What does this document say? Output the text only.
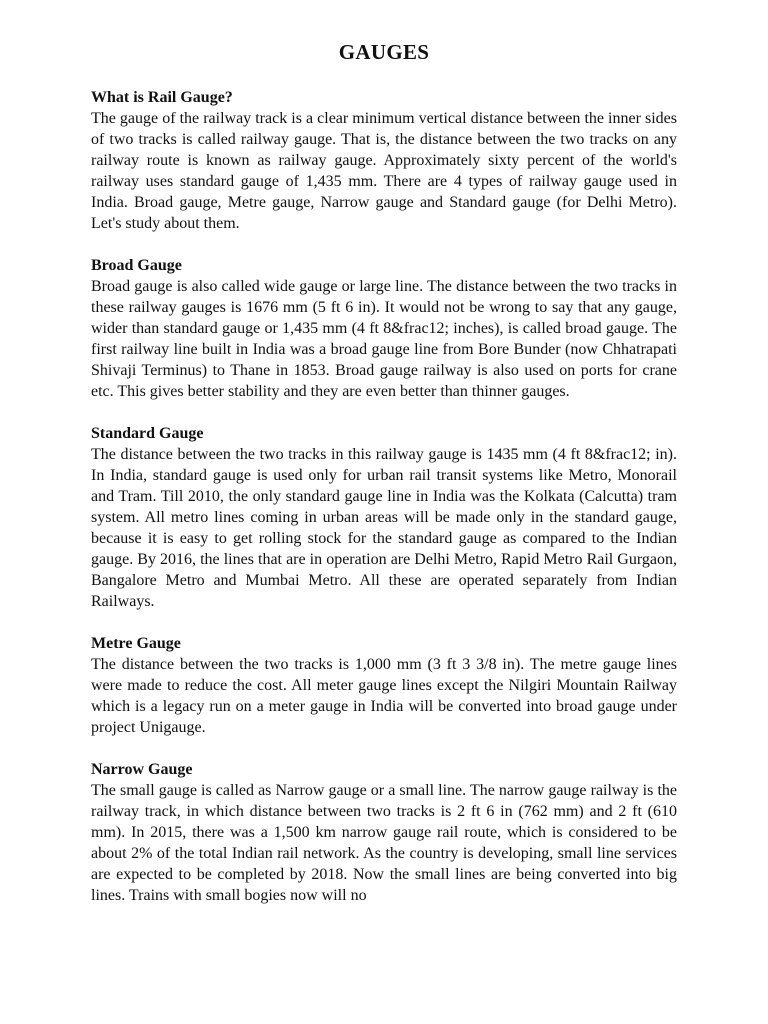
GAUGES
What is Rail Gauge?

The gauge of the railway track is a clear minimum vertical distance between the inner sides of two tracks is called railway gauge. That is, the distance between the two tracks on any railway route is known as railway gauge. Approximately sixty percent of the world's railway uses standard gauge of 1,435 mm. There are 4 types of railway gauge used in India. Broad gauge, Metre gauge, Narrow gauge and Standard gauge (for Delhi Metro). Let's study about them.

Broad Gauge

Broad gauge is also called wide gauge or large line. The distance between the two tracks in these railway gauges is 1676 mm (5 ft 6 in). It would not be wrong to say that any gauge, wider than standard gauge or 1,435 mm (4 ft 8&frac12; inches), is called broad gauge. The first railway line built in India was a broad gauge line from Bore Bunder (now Chhatrapati Shivaji Terminus) to Thane in 1853. Broad gauge railway is also used on ports for crane etc. This gives better stability and they are even better than thinner gauges.

Standard Gauge

The distance between the two tracks in this railway gauge is 1435 mm (4 ft 8&frac12; in). In India, standard gauge is used only for urban rail transit systems like Metro, Monorail and Tram. Till 2010, the only standard gauge line in India was the Kolkata (Calcutta) tram system. All metro lines coming in urban areas will be made only in the standard gauge, because it is easy to get rolling stock for the standard gauge as compared to the Indian gauge. By 2016, the lines that are in operation are Delhi Metro, Rapid Metro Rail Gurgaon, Bangalore Metro and Mumbai Metro. All these are operated separately from Indian Railways.

Metre Gauge

The distance between the two tracks is 1,000 mm (3 ft 3 3/8 in). The metre gauge lines were made to reduce the cost. All meter gauge lines except the Nilgiri Mountain Railway which is a legacy run on a meter gauge in India will be converted into broad gauge under project Unigauge.

Narrow Gauge

The small gauge is called as Narrow gauge or a small line. The narrow gauge railway is the railway track, in which distance between two tracks is 2 ft 6 in (762 mm) and 2 ft (610 mm). In 2015, there was a 1,500 km narrow gauge rail route, which is considered to be about 2% of the total Indian rail network. As the country is developing, small line services are expected to be completed by 2018. Now the small lines are being converted into big lines. Trains with small bogies now will no
